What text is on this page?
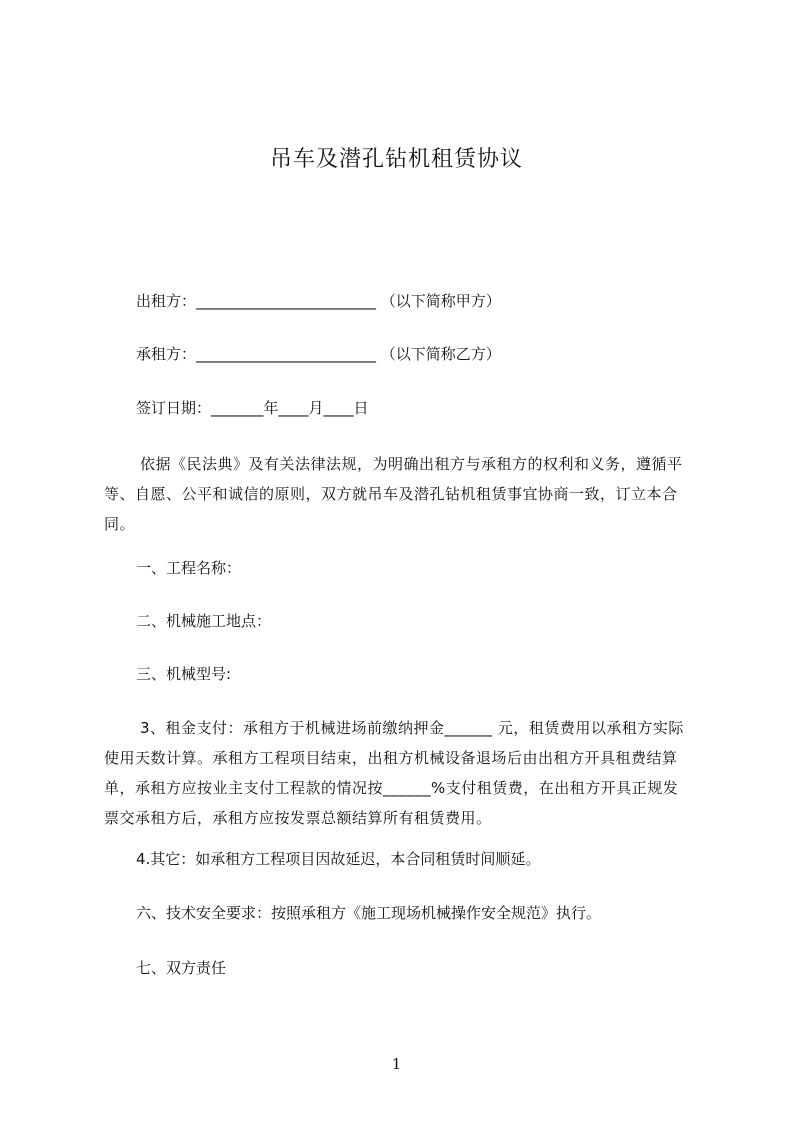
吊车及潜孔钻机租赁协议
出租方：________________________ （以下简称甲方）
承租方：________________________ （以下简称乙方）
签订日期：_______年____月____日
依据《民法典》及有关法律法规，为明确出租方与承租方的权利和义务，遵循平
等、自愿、公平和诚信的原则，双方就吊车及潜孔钻机租赁事宜协商一致，订立本合
同。
一、工程名称：
二、机械施工地点：
三、机械型号:
3、租金支付：承租方于机械进场前缴纳押金______ 元，租赁费用以承租方实际
使用天数计算。承租方工程项目结束，出租方机械设备退场后由出租方开具租费结算
单，承租方应按业主支付工程款的情况按______%支付租赁费，在出租方开具正规发
票交承租方后，承租方应按发票总额结算所有租赁费用。
4.其它：如承租方工程项目因故延迟，本合同租赁时间顺延。
六、技术安全要求：按照承租方《施工现场机械操作安全规范》执行。
七、双方责任
1
